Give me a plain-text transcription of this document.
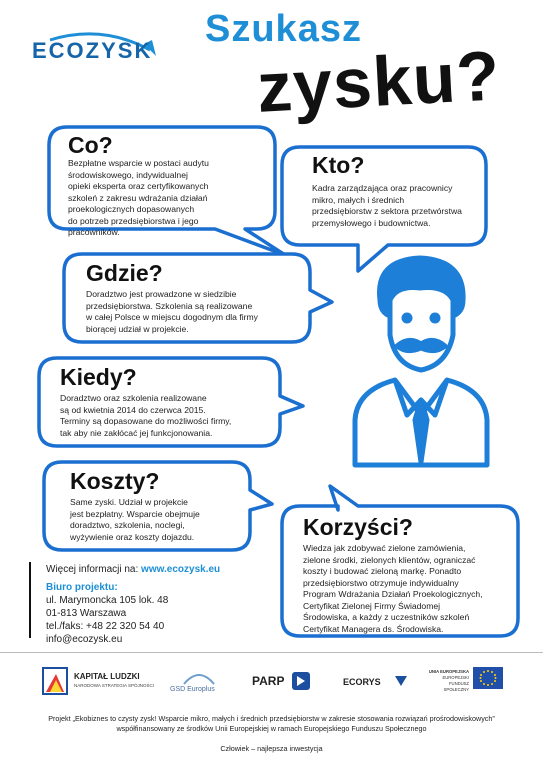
ECOZYSK
Szukasz
zysku?
Co?
Bezpłatne wsparcie w postaci audytu
środowiskowego, indywidualnej
opieki eksperta oraz certyfikowanych
szkoleń z zakresu wdrażania działań
proekologicznych dopasowanych
do potrzeb przedsiębiorstwa i jego
pracowników.
Kto?
Kadra zarządzająca oraz pracownicy
mikro, małych i średnich
przedsiębiorstw z sektora przetwórstwa
przemysłowego i budownictwa.
Gdzie?
Doradztwo jest prowadzone w siedzibie
przedsiębiorstwa. Szkolenia są realizowane
w całej Polsce w miejscu dogodnym dla firmy
biorącej udział w projekcie.
Kiedy?
Doradztwo oraz szkolenia realizowane
są od kwietnia 2014 do czerwca 2015.
Terminy są dopasowane do możliwości firmy,
tak aby nie zakłócać jej funkcjonowania.
Koszty?
Same zyski. Udział w projekcie
jest bezpłatny. Wsparcie obejmuje
doradztwo, szkolenia, noclegi,
wyżywienie oraz koszty dojazdu.	Korzyści?
Wiedza jak zdobywać zielone zamówienia,
zielone środki, zielonych klientów, ograniczać
koszty i budować zieloną markę. Ponadto
przedsiębiorstwo otrzymuje indywidualny
Program Wdrażania Działań Proekologicznych,
Certyfikat Zielonej Firmy Świadomej
Środowiska, a każdy z uczestników szkoleń
Certyfikat Managera ds. Środowiska.
Więcej informacji na: www.ecozysk.eu
Biuro projektu:
ul. Marymoncka 105 lok. 48
01-813 Warszawa
tel./faks: +48 22 320 54 40
info@ecozysk.eu
KAPITAŁ LUDZKI
NARODOWA STRATEGIA SPÓJNOŚCI
GSD Europlus
PARP	ECORYS
UNIA EUROPEJSKA
EUROPEJSKI
FUNDUSZ SPOŁECZNY
Projekt „Ekobiznes to czysty zysk! Wsparcie mikro, małych i średnich przedsiębiorstw w zakresie stosowania rozwiązań prośrodowiskowych”
współfinansowany ze środków Unii Europejskiej w ramach Europejskiego Funduszu Społecznego
Człowiek – najlepsza inwestycja
